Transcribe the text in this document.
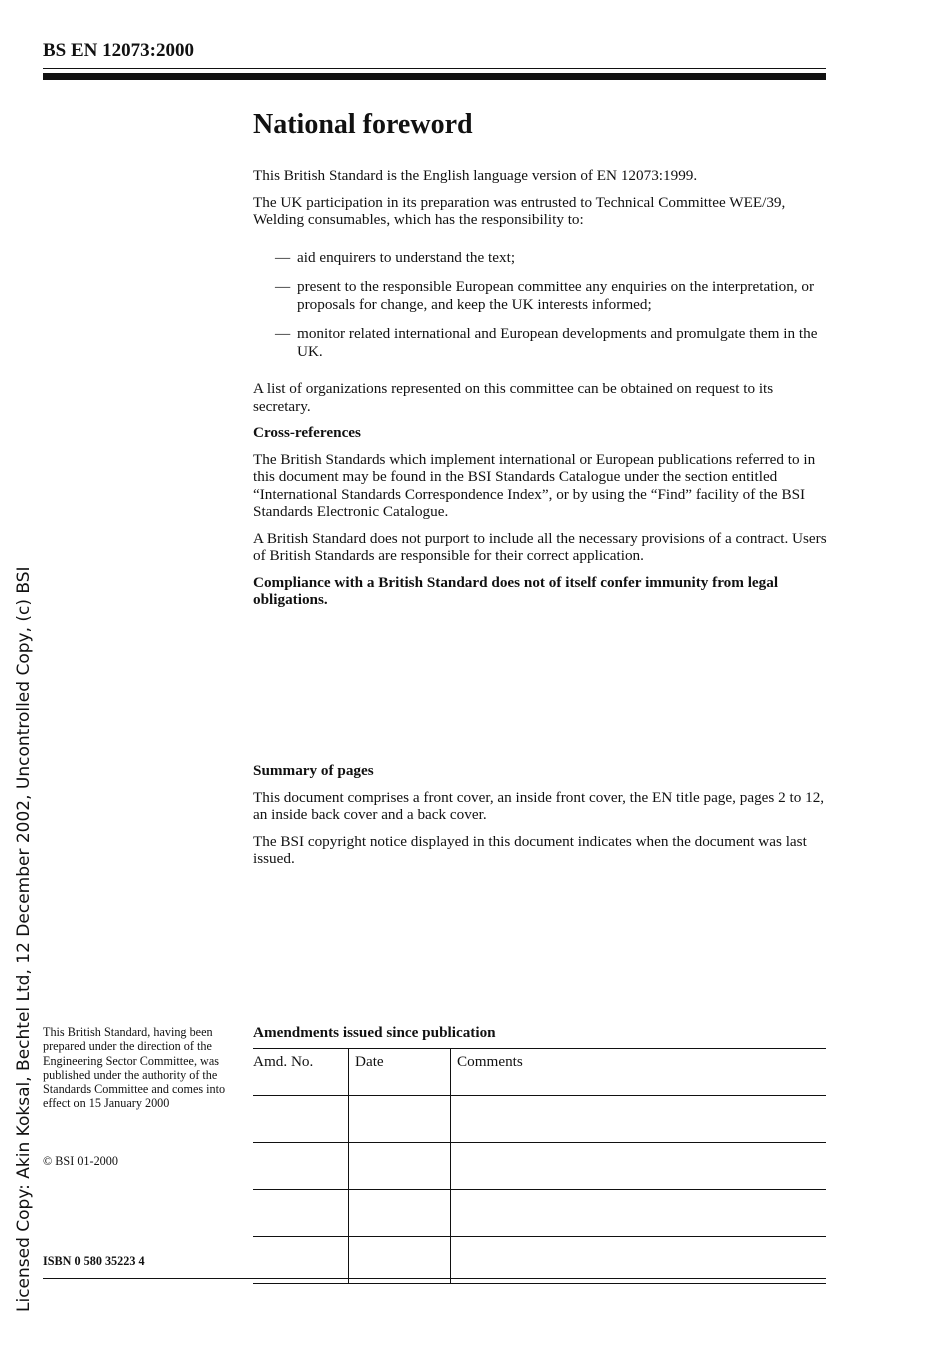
BS EN 12073:2000
National foreword

This British Standard is the English language version of EN 12073:1999.

The UK participation in its preparation was entrusted to Technical Committee WEE/39, Welding consumables, which has the responsibility to:

— aid enquirers to understand the text;
— present to the responsible European committee any enquiries on the interpretation, or proposals for change, and keep the UK interests informed;
— monitor related international and European developments and promulgate them in the UK.

A list of organizations represented on this committee can be obtained on request to its secretary.

Cross-references

The British Standards which implement international or European publications referred to in this document may be found in the BSI Standards Catalogue under the section entitled “International Standards Correspondence Index”, or by using the “Find” facility of the BSI Standards Electronic Catalogue.

A British Standard does not purport to include all the necessary provisions of a contract. Users of British Standards are responsible for their correct application.

Compliance with a British Standard does not of itself confer immunity from legal obligations.

Summary of pages

This document comprises a front cover, an inside front cover, the EN title page, pages 2 to 12, an inside back cover and a back cover.

The BSI copyright notice displayed in this document indicates when the document was last issued.

This British Standard, having been prepared under the direction of the Engineering Sector Committee, was published under the authority of the Standards Committee and comes into effect on 15 January 2000
© BSI 01-2000
ISBN 0 580 35223 4
Amendments issued since publication
Amd. No.	Date	Comments

Licensed Copy: Akin Koksal, Bechtel Ltd, 12 December 2002, Uncontrolled Copy, (c) BSI
